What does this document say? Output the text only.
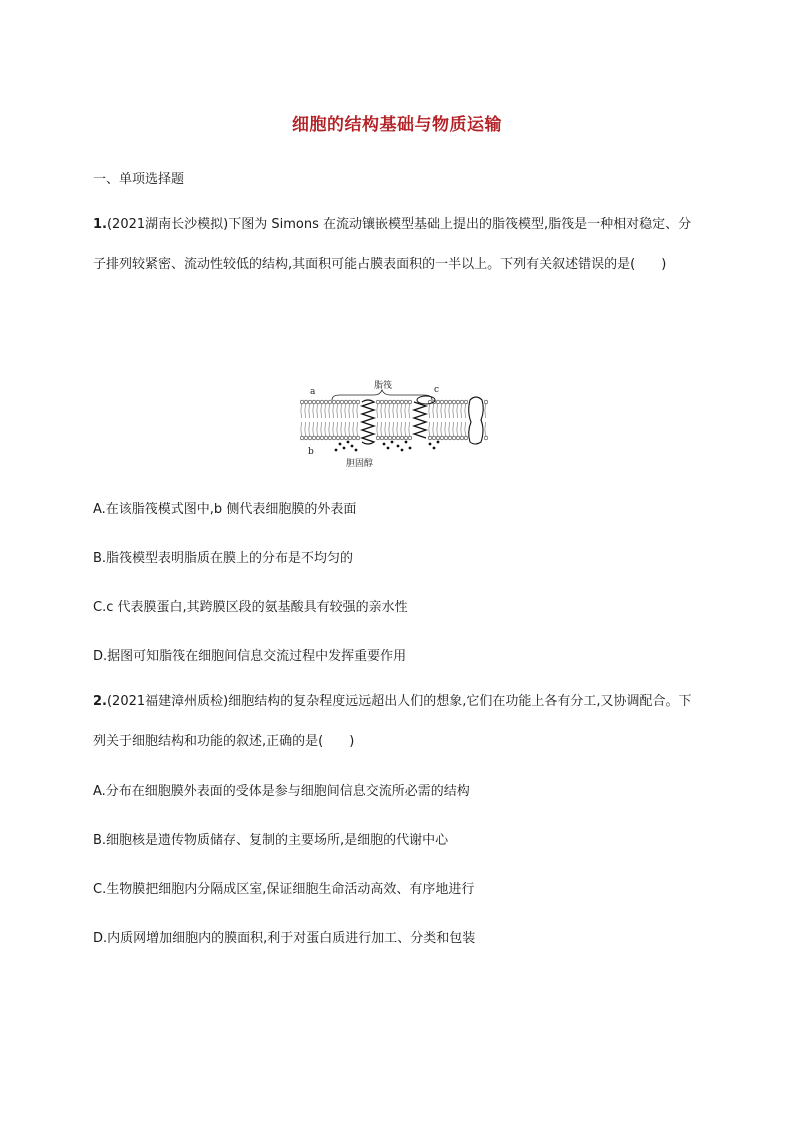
细胞的结构基础与物质运输
一、单项选择题
1.(2021湖南长沙模拟)下图为 Simons 在流动镶嵌模型基础上提出的脂筏模型,脂筏是一种相对稳定、分子排列较紧密、流动性较低的结构,其面积可能占膜表面积的一半以上。下列有关叙述错误的是(　　)
a
b
c
脂筏
胆固醇
A.在该脂筏模式图中,b 侧代表细胞膜的外表面
B.脂筏模型表明脂质在膜上的分布是不均匀的
C.c 代表膜蛋白,其跨膜区段的氨基酸具有较强的亲水性
D.据图可知脂筏在细胞间信息交流过程中发挥重要作用
2.(2021福建漳州质检)细胞结构的复杂程度远远超出人们的想象,它们在功能上各有分工,又协调配合。下列关于细胞结构和功能的叙述,正确的是(　　)
A.分布在细胞膜外表面的受体是参与细胞间信息交流所必需的结构
B.细胞核是遗传物质储存、复制的主要场所,是细胞的代谢中心
C.生物膜把细胞内分隔成区室,保证细胞生命活动高效、有序地进行
D.内质网增加细胞内的膜面积,利于对蛋白质进行加工、分类和包装
